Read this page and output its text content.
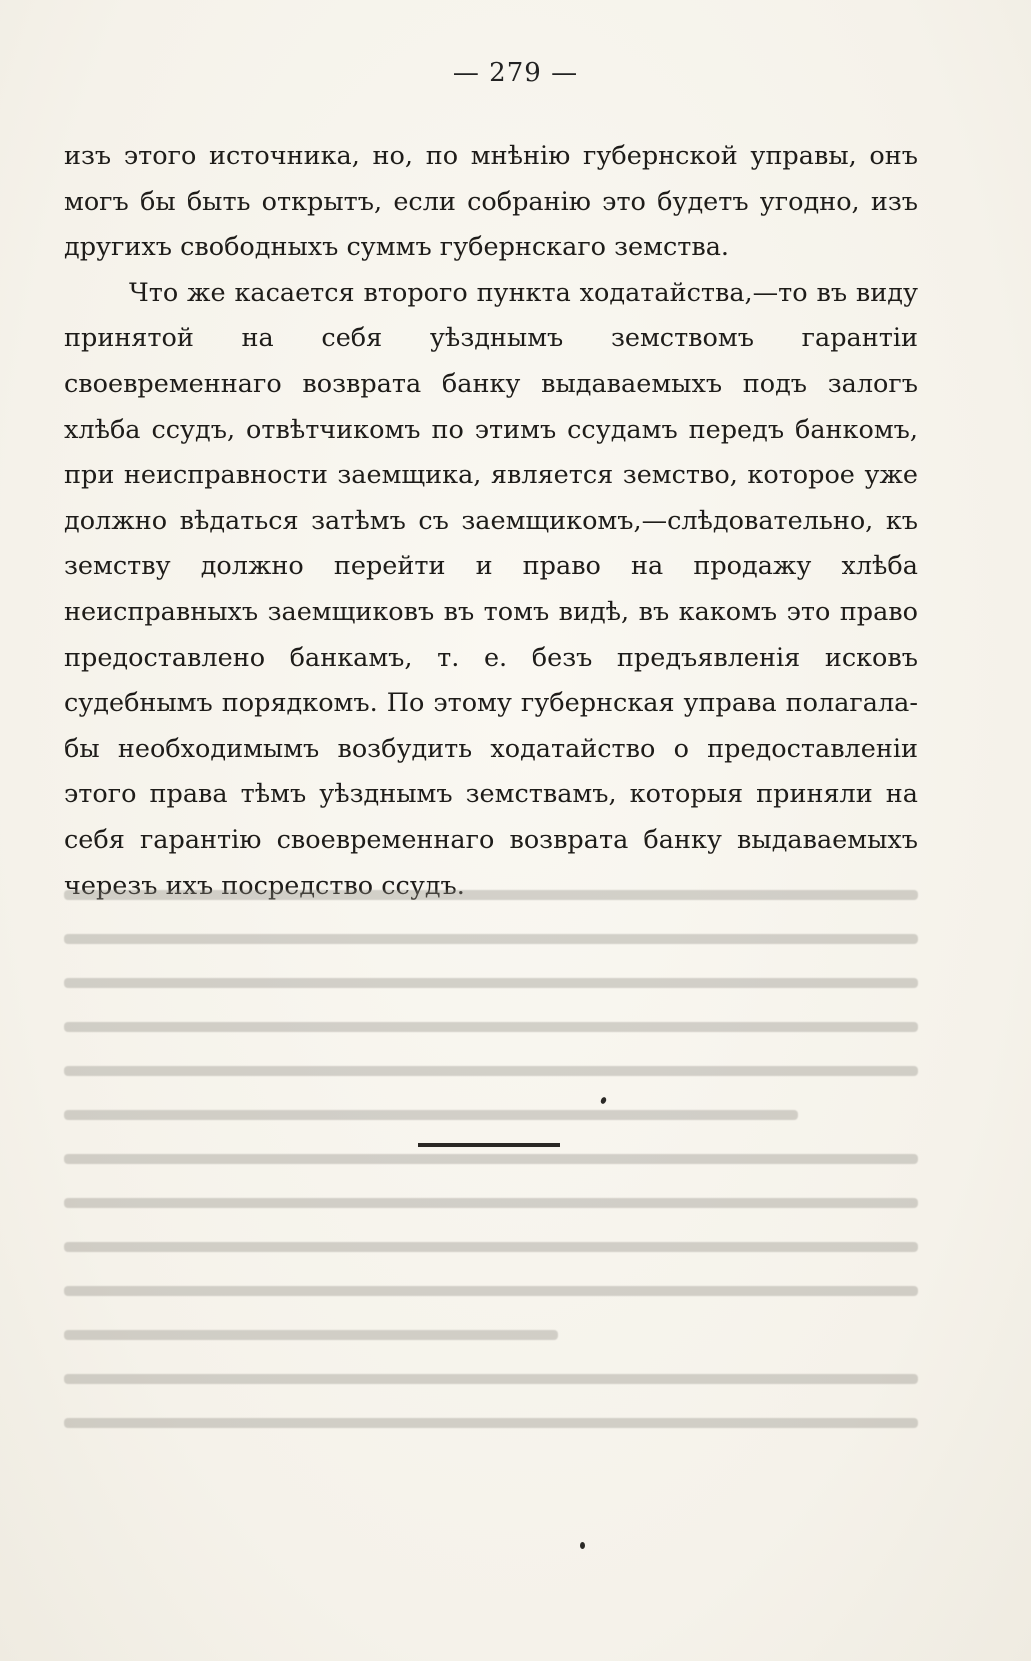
— 279 —

изъ этого источника, но, по мнѣнію губернской управы, онъ могъ бы быть открытъ, если собранію это будетъ угодно, изъ другихъ свободныхъ суммъ губернскаго земства.

Что же касается второго пункта ходатайства,—то въ виду принятой на себя уѣзднымъ земствомъ гарантіи своевременнаго возврата банку выдаваемыхъ подъ залогъ хлѣба ссудъ, отвѣтчикомъ по этимъ ссудамъ передъ банкомъ, при неисправности заемщика, является земство, которое уже должно вѣдаться затѣмъ съ заемщикомъ,—слѣдовательно, къ земству должно перейти и право на продажу хлѣба неисправныхъ заемщиковъ въ томъ видѣ, въ какомъ это право предоставлено банкамъ, т. е. безъ предъявленія исковъ судебнымъ порядкомъ. По этому губернская управа полагала-бы необходимымъ возбудить ходатайство о предоставленіи этого права тѣмъ уѣзднымъ земствамъ, которыя приняли на себя гарантію своевременнаго возврата банку выдаваемыхъ черезъ ихъ посредство ссудъ.
